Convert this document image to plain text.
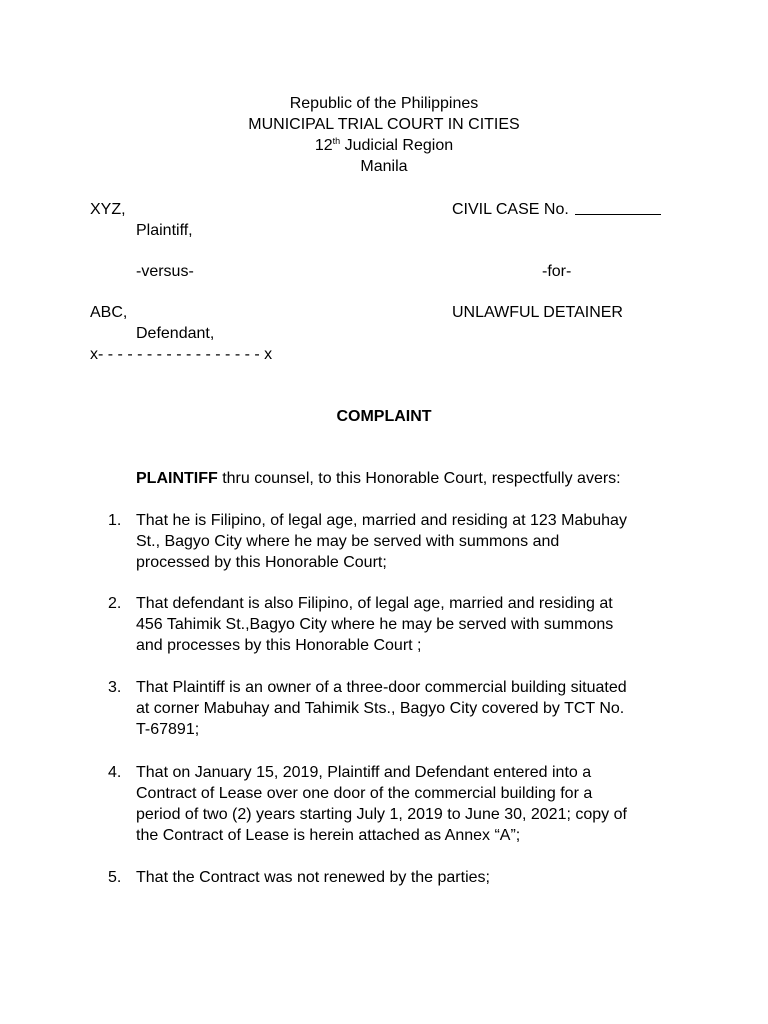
Republic of the Philippines
MUNICIPAL TRIAL COURT IN CITIES
12th Judicial Region
Manila
XYZ,
Plaintiff,
-versus-
ABC,
Defendant,
x- - - - - - - - - - - - - - - - - x
CIVIL CASE No.
-for-
UNLAWFUL DETAINER
COMPLAINT
PLAINTIFF thru counsel, to this Honorable Court, respectfully avers:
1. That he is Filipino, of legal age, married and residing at 123 Mabuhay
St., Bagyo City where he may be served with summons and
processed by this Honorable Court;
2. That defendant is also Filipino, of legal age, married and residing at
456 Tahimik St.,Bagyo City where he may be served with summons
and processes by this Honorable Court ;
3. That Plaintiff is an owner of a three-door commercial building situated
at corner Mabuhay and Tahimik Sts., Bagyo City covered by TCT No.
T-67891;
4. That on January 15, 2019, Plaintiff and Defendant entered into a
Contract of Lease over one door of the commercial building for a
period of two (2) years starting July 1, 2019 to June 30, 2021; copy of
the Contract of Lease is herein attached as Annex “A”;
5. That the Contract was not renewed by the parties;
